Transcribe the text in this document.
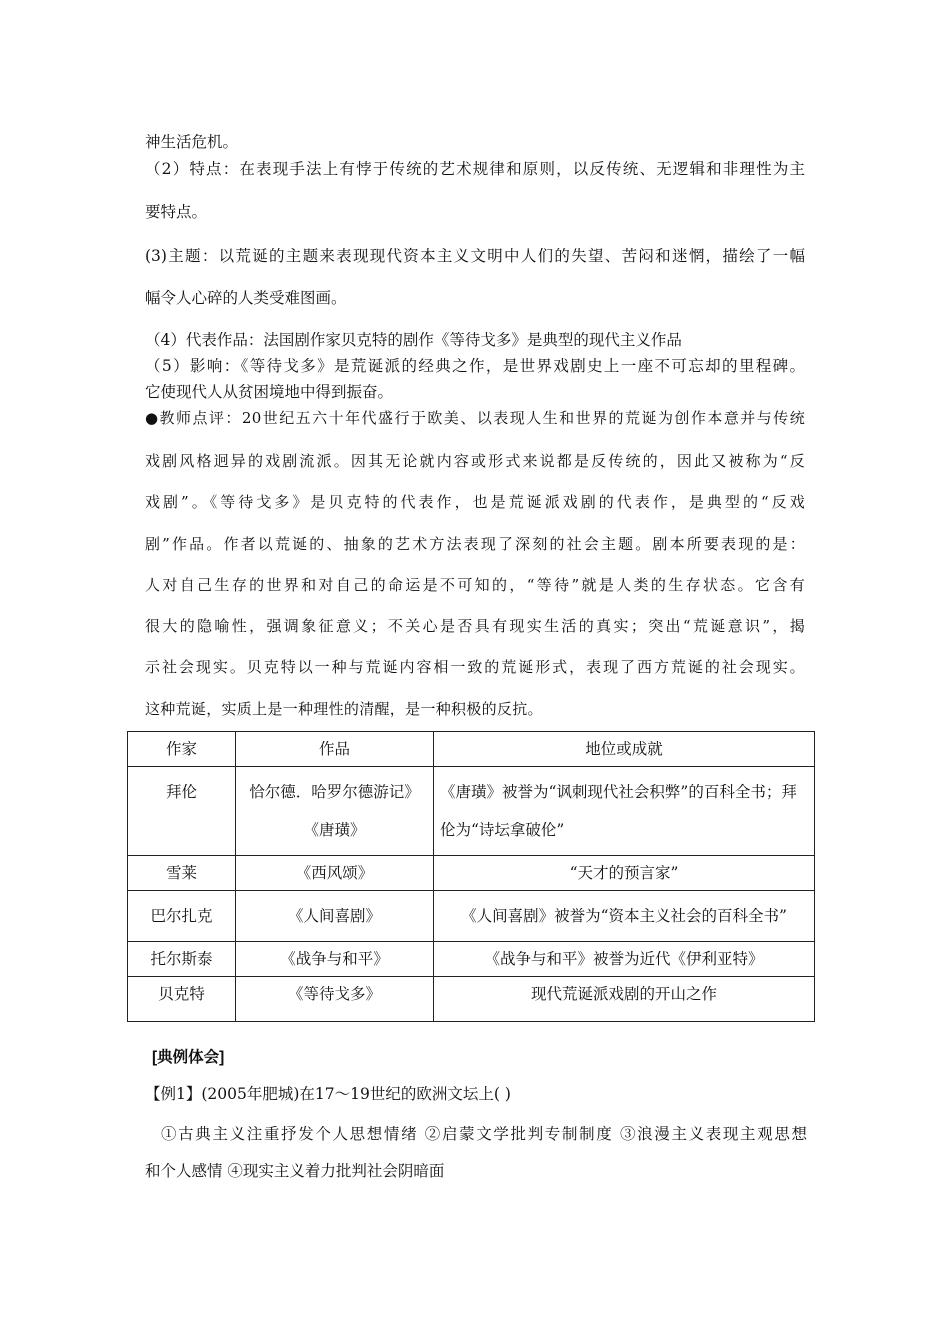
神生活危机。
（2）特点：在表现手法上有悖于传统的艺术规律和原则，以反传统、无逻辑和非理性为主
要特点。
(3)主题：以荒诞的主题来表现现代资本主义文明中人们的失望、苦闷和迷惘，描绘了一幅
幅令人心碎的人类受难图画。
（4）代表作品：法国剧作家贝克特的剧作《等待戈多》是典型的现代主义作品
（5）影响：《等待戈多》是荒诞派的经典之作，是世界戏剧史上一座不可忘却的里程碑。
它使现代人从贫困境地中得到振奋。
●教师点评：20世纪五六十年代盛行于欧美、以表现人生和世界的荒诞为创作本意并与传统
戏剧风格迥异的戏剧流派。因其无论就内容或形式来说都是反传统的，因此又被称为“反
戏剧”。《等待戈多》是贝克特的代表作，也是荒诞派戏剧的代表作，是典型的“反戏
剧”作品。作者以荒诞的、抽象的艺术方法表现了深刻的社会主题。剧本所要表现的是：
人对自己生存的世界和对自己的命运是不可知的，“等待”就是人类的生存状态。它含有
很大的隐喻性，强调象征意义；不关心是否具有现实生活的真实；突出“荒诞意识”，揭
示社会现实。贝克特以一种与荒诞内容相一致的荒诞形式，表现了西方荒诞的社会现实。
这种荒诞，实质上是一种理性的清醒，是一种积极的反抗。
作家	作品	地位或成就
拜伦	恰尔德．哈罗尔德游记》《唐璜》	《唐璜》被誉为“讽刺现代社会积弊”的百科全书；拜伦为“诗坛拿破伦”
雪莱	《西风颂》	“天才的预言家”
巴尔扎克	《人间喜剧》	《人间喜剧》被誉为“资本主义社会的百科全书”
托尔斯泰	《战争与和平》	《战争与和平》被誉为近代《伊利亚特》
贝克特	《等待戈多》	现代荒诞派戏剧的开山之作
[典例体会]
【例1】(2005年肥城)在17～19世纪的欧洲文坛上( )
①古典主义注重抒发个人思想情绪 ②启蒙文学批判专制制度 ③浪漫主义表现主观思想
和个人感情 ④现实主义着力批判社会阴暗面
